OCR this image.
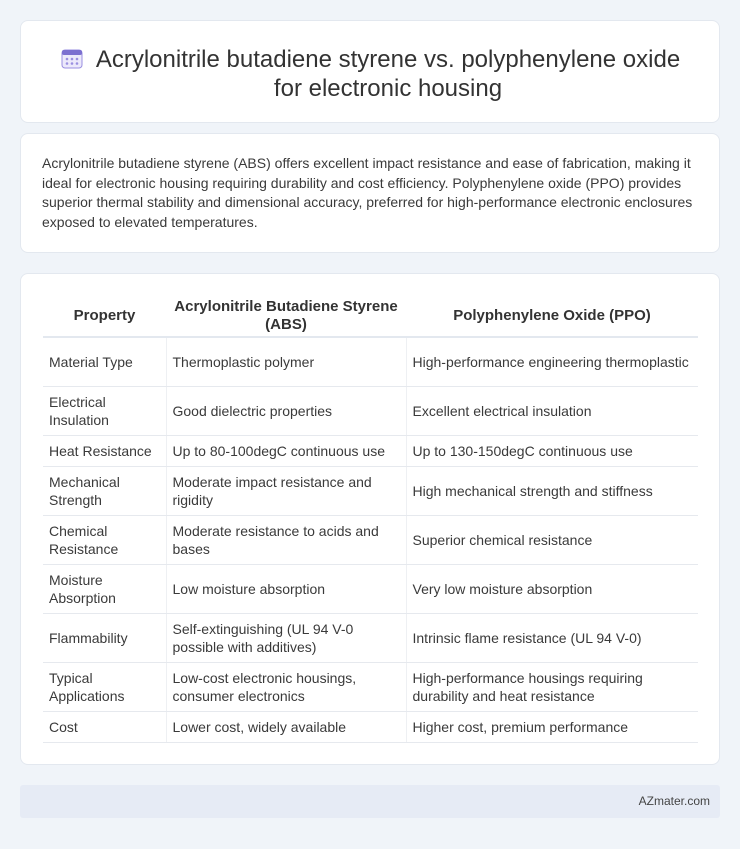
Acrylonitrile butadiene styrene vs. polyphenylene oxide for electronic housing

Acrylonitrile butadiene styrene (ABS) offers excellent impact resistance and ease of fabrication, making it ideal for electronic housing requiring durability and cost efficiency. Polyphenylene oxide (PPO) provides superior thermal stability and dimensional accuracy, preferred for high-performance electronic enclosures exposed to elevated temperatures.

Property	Acrylonitrile Butadiene Styrene (ABS)	Polyphenylene Oxide (PPO)
Material Type	Thermoplastic polymer	High-performance engineering thermoplastic
Electrical Insulation	Good dielectric properties	Excellent electrical insulation
Heat Resistance	Up to 80-100degC continuous use	Up to 130-150degC continuous use
Mechanical Strength	Moderate impact resistance and rigidity	High mechanical strength and stiffness
Chemical Resistance	Moderate resistance to acids and bases	Superior chemical resistance
Moisture Absorption	Low moisture absorption	Very low moisture absorption
Flammability	Self-extinguishing (UL 94 V-0 possible with additives)	Intrinsic flame resistance (UL 94 V-0)
Typical Applications	Low-cost electronic housings, consumer electronics	High-performance housings requiring durability and heat resistance
Cost	Lower cost, widely available	Higher cost, premium performance
AZmater.com
